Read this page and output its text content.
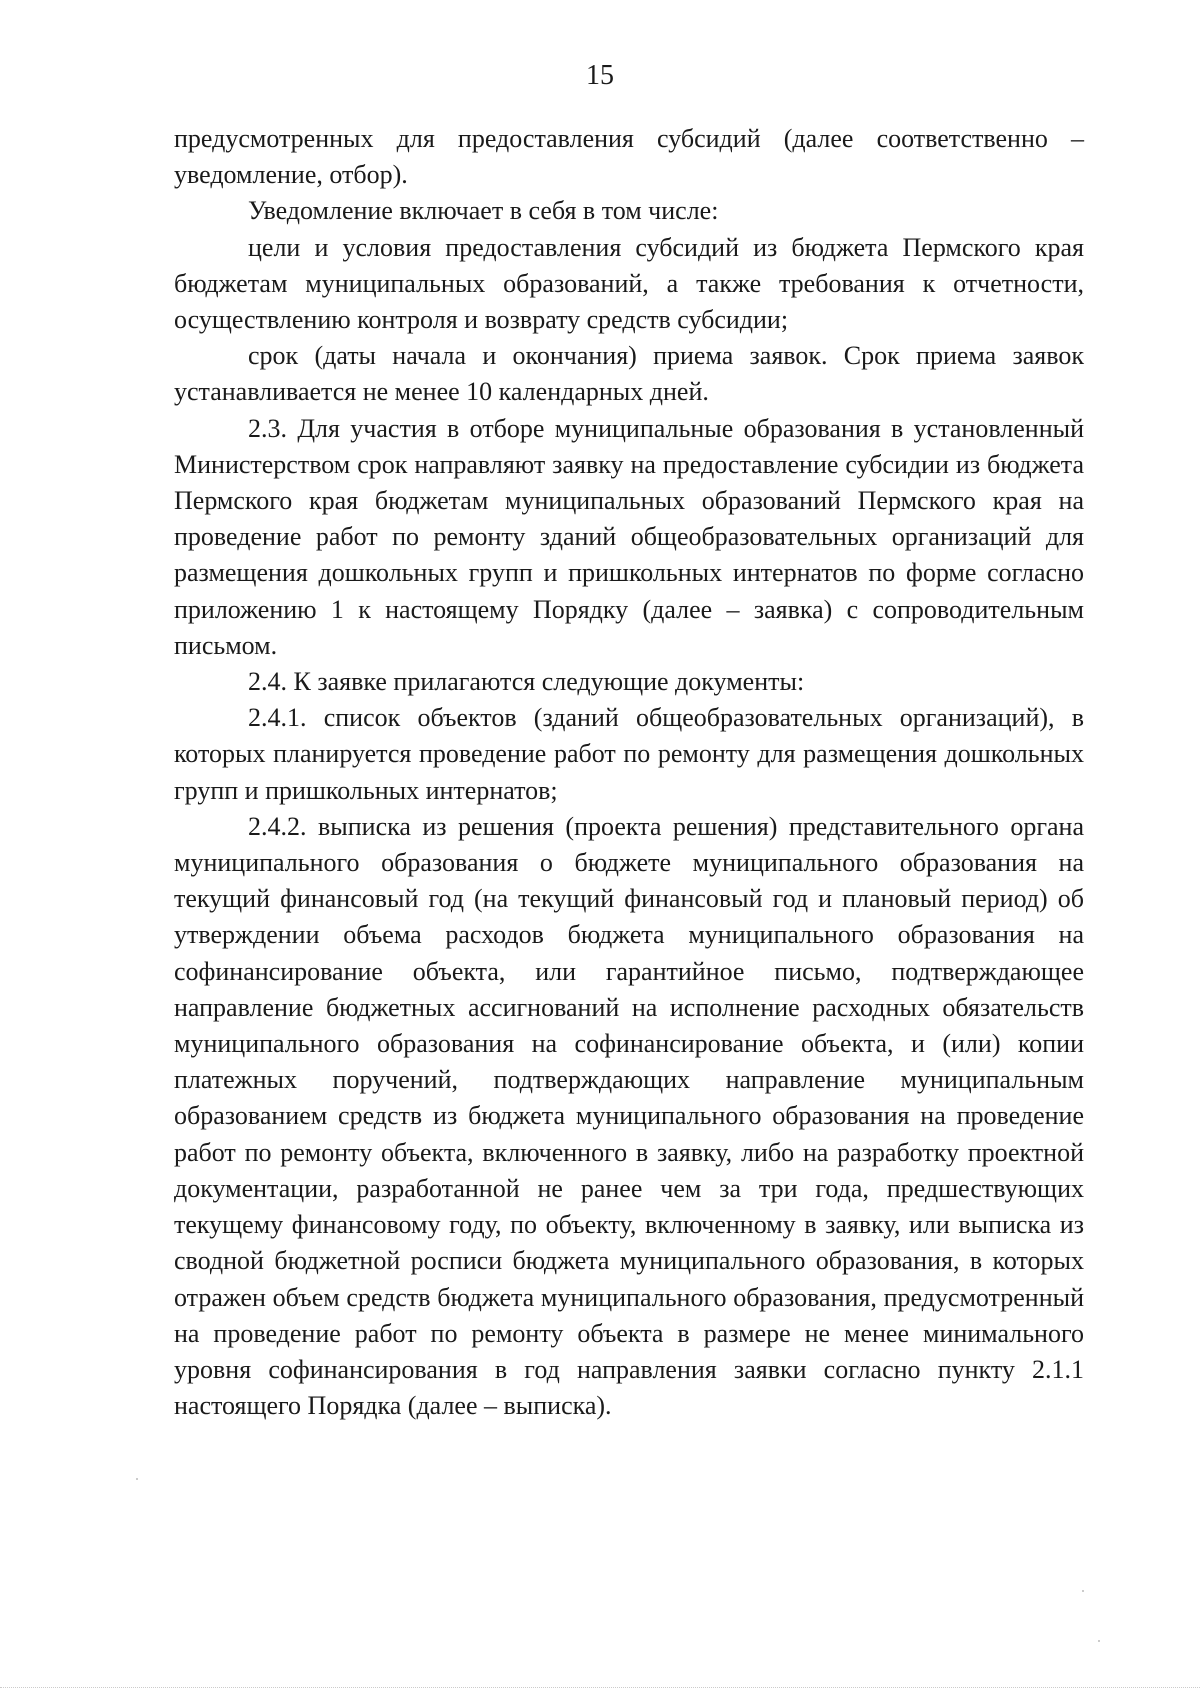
15

предусмотренных для предоставления субсидий (далее соответственно – уведомление, отбор).

Уведомление включает в себя в том числе:

цели и условия предоставления субсидий из бюджета Пермского края бюджетам муниципальных образований, а также требования к отчетности, осуществлению контроля и возврату средств субсидии;

срок (даты начала и окончания) приема заявок. Срок приема заявок устанавливается не менее 10 календарных дней.

2.3. Для участия в отборе муниципальные образования в установленный Министерством срок направляют заявку на предоставление субсидии из бюджета Пермского края бюджетам муниципальных образований Пермского края на проведение работ по ремонту зданий общеобразовательных организаций для размещения дошкольных групп и пришкольных интернатов по форме согласно приложению 1 к настоящему Порядку (далее – заявка) с сопроводительным письмом.

2.4. К заявке прилагаются следующие документы:

2.4.1. список объектов (зданий общеобразовательных организаций), в которых планируется проведение работ по ремонту для размещения дошкольных групп и пришкольных интернатов;

2.4.2. выписка из решения (проекта решения) представительного органа муниципального образования о бюджете муниципального образования на текущий финансовый год (на текущий финансовый год и плановый период) об утверждении объема расходов бюджета муниципального образования на софинансирование объекта, или гарантийное письмо, подтверждающее направление бюджетных ассигнований на исполнение расходных обязательств муниципального образования на софинансирование объекта, и (или) копии платежных поручений, подтверждающих направление муниципальным образованием средств из бюджета муниципального образования на проведение работ по ремонту объекта, включенного в заявку, либо на разработку проектной документации, разработанной не ранее чем за три года, предшествующих текущему финансовому году, по объекту, включенному в заявку, или выписка из сводной бюджетной росписи бюджета муниципального образования, в которых отражен объем средств бюджета муниципального образования, предусмотренный на проведение работ по ремонту объекта в размере не менее минимального уровня софинансирования в год направления заявки согласно пункту 2.1.1 настоящего Порядка (далее – выписка).
